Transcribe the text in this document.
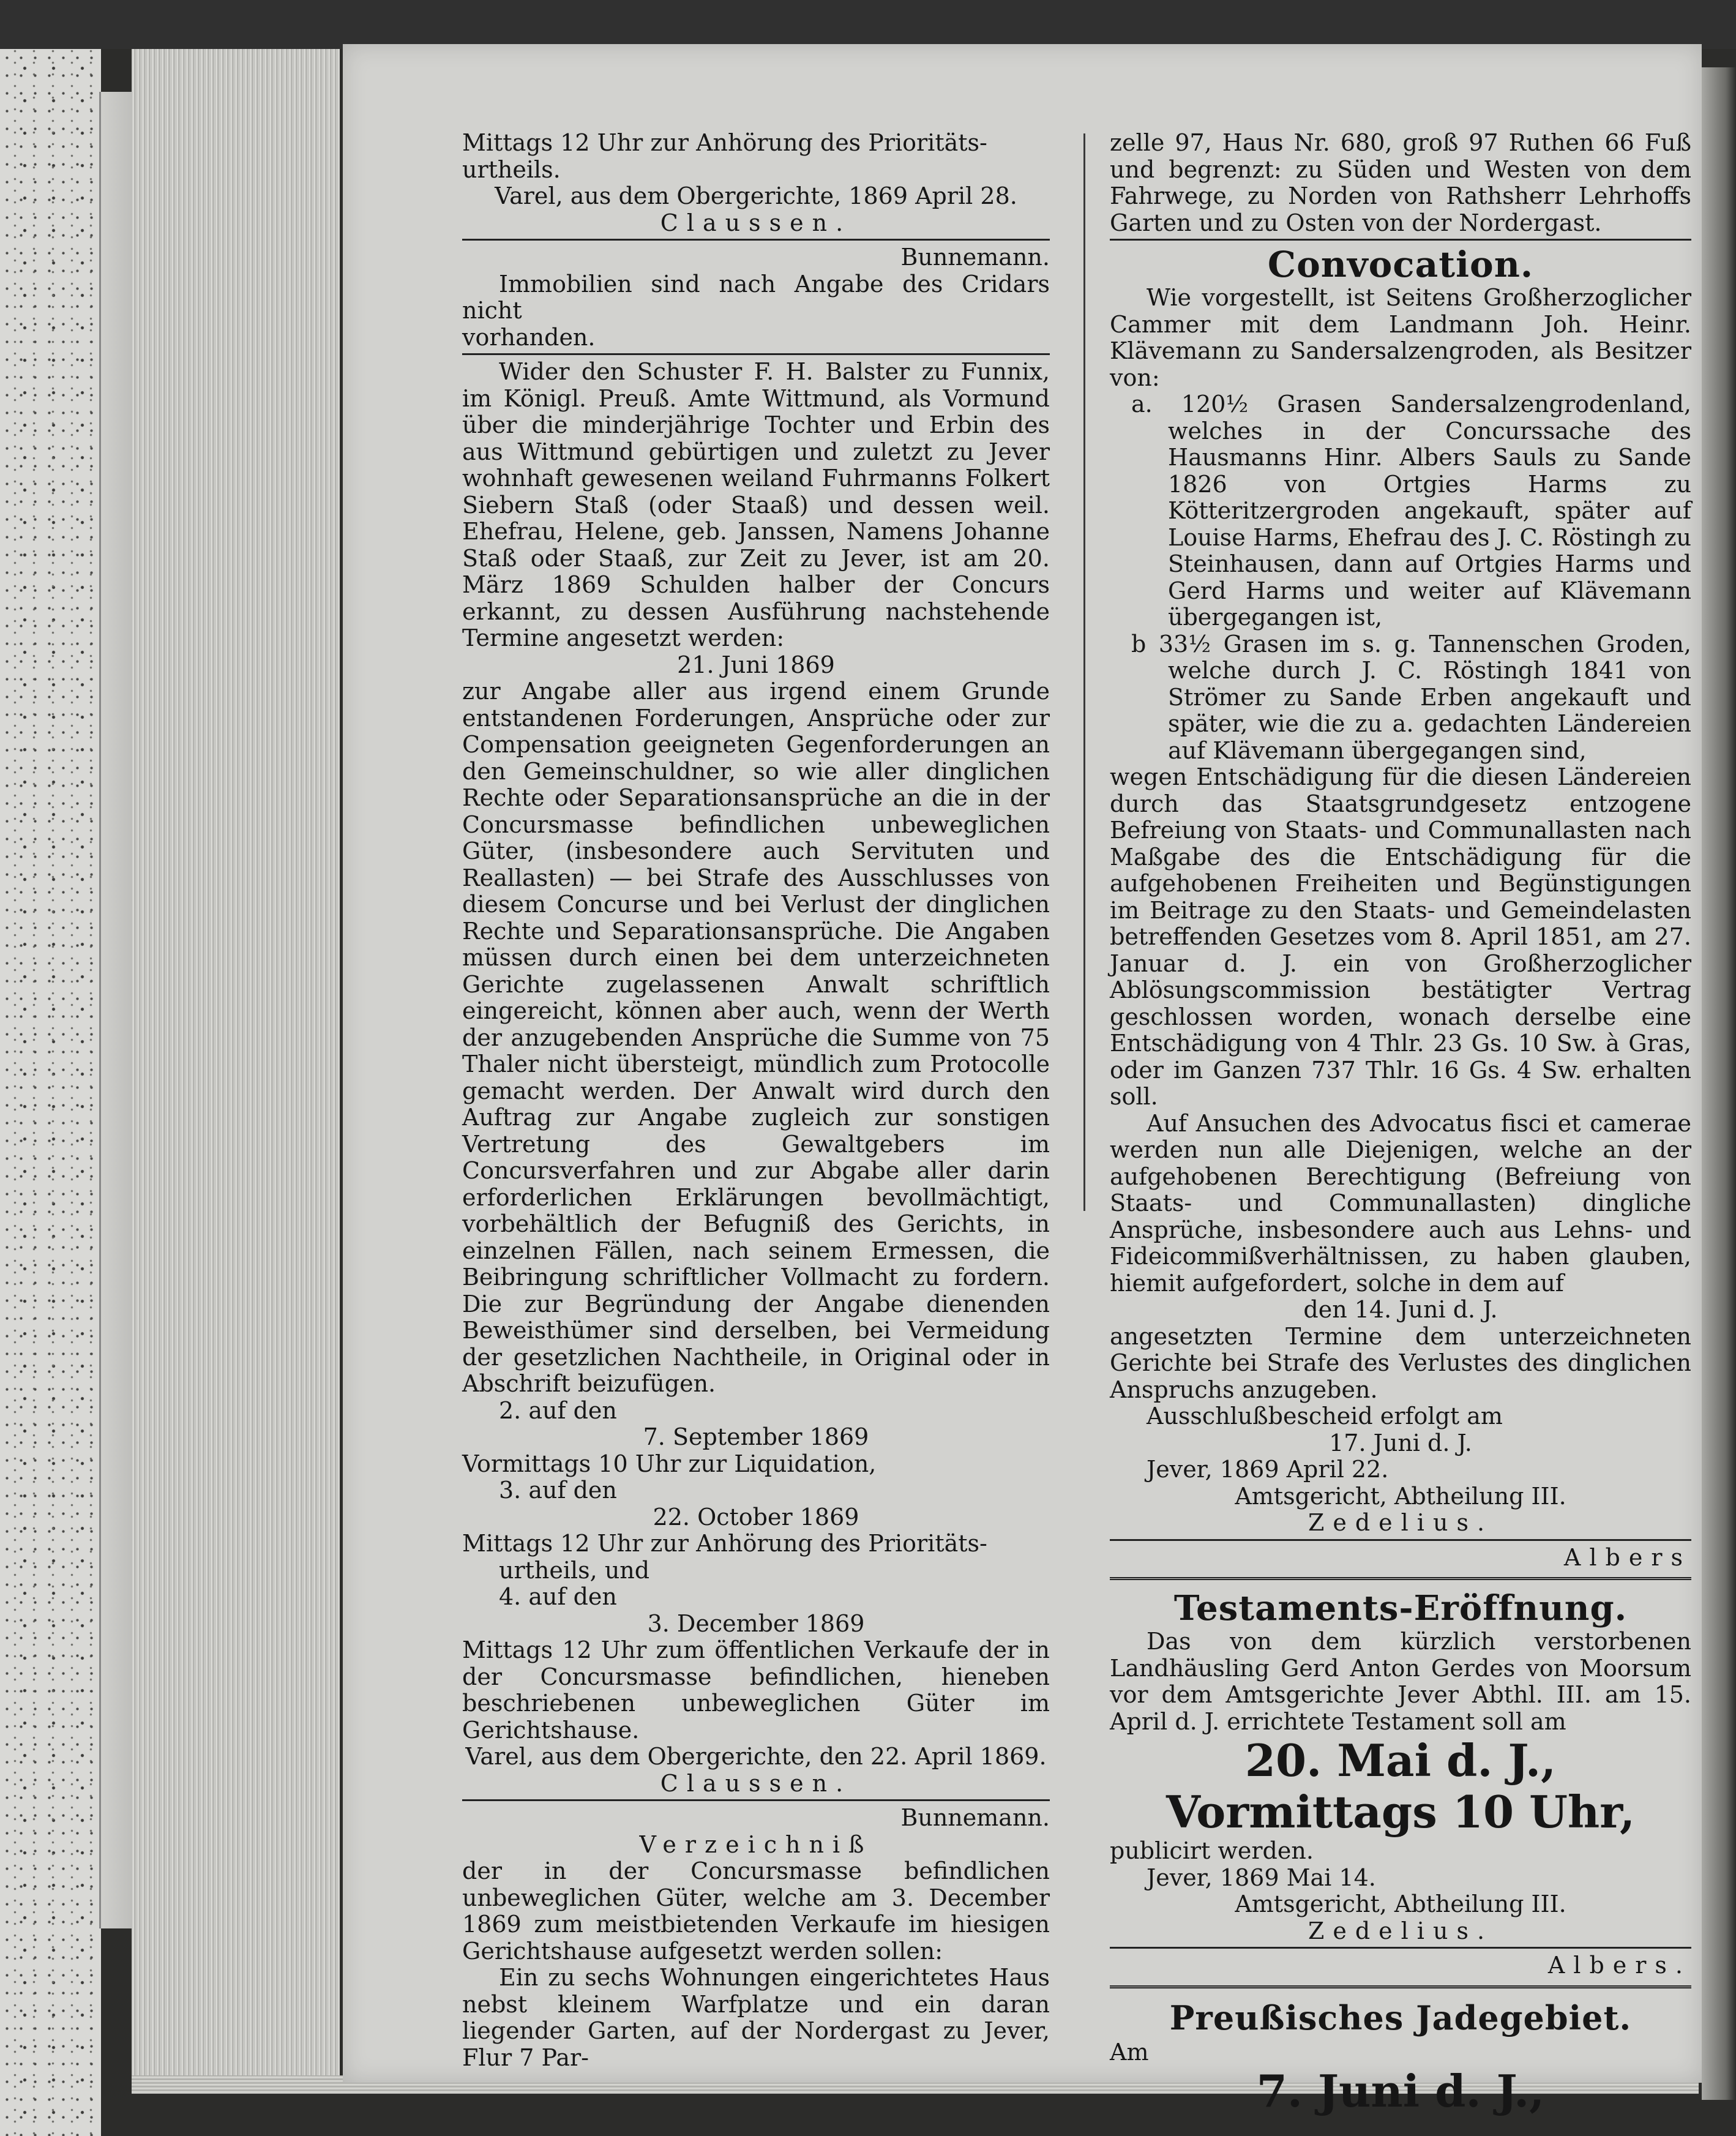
Mittags 12 Uhr zur Anhörung des Prioritäts-

urtheils.

Varel, aus dem Obergerichte, 1869 April 28.

Claussen.

Bunnemann.

Immobilien sind nach Angabe des Cridars nicht

vorhanden.

Wider den Schuster F. H. Balster zu Funnix, im Königl. Preuß. Amte Wittmund, als Vormund über die minderjährige Tochter und Erbin des aus Wittmund gebürtigen und zuletzt zu Jever wohnhaft gewesenen weiland Fuhrmanns Folkert Siebern Staß (oder Staaß) und dessen weil. Ehefrau, Helene, geb. Janssen, Namens Johanne Staß oder Staaß, zur Zeit zu Jever, ist am 20. März 1869 Schulden halber der Concurs erkannt, zu dessen Ausführung nachstehende Termine angesetzt werden:

21. Juni 1869

zur Angabe aller aus irgend einem Grunde entstandenen Forderungen, Ansprüche oder zur Compensation geeigneten Gegenforderungen an den Gemeinschuldner, so wie aller dinglichen Rechte oder Separationsansprüche an die in der Concursmasse befindlichen unbeweglichen Güter, (insbesondere auch Servituten und Reallasten) — bei Strafe des Ausschlusses von diesem Concurse und bei Verlust der dinglichen Rechte und Separationsansprüche. Die Angaben müssen durch einen bei dem unterzeichneten Gerichte zugelassenen Anwalt schriftlich eingereicht, können aber auch, wenn der Werth der anzugebenden Ansprüche die Summe von 75 Thaler nicht übersteigt, mündlich zum Protocolle gemacht werden. Der Anwalt wird durch den Auftrag zur Angabe zugleich zur sonstigen Vertretung des Gewaltgebers im Concursverfahren und zur Abgabe aller darin erforderlichen Erklärungen bevollmächtigt, vorbehältlich der Befugniß des Gerichts, in einzelnen Fällen, nach seinem Ermessen, die Beibringung schriftlicher Vollmacht zu fordern. Die zur Begründung der Angabe dienenden Beweisthümer sind derselben, bei Vermeidung der gesetzlichen Nachtheile, in Original oder in Abschrift beizufügen.

2. auf den

7. September 1869

Vormittags 10 Uhr zur Liquidation,

3. auf den

22. October 1869

Mittags 12 Uhr zur Anhörung des Prioritäts-

urtheils, und

4. auf den

3. December 1869

Mittags 12 Uhr zum öffentlichen Verkaufe der in der Concursmasse befindlichen, hieneben beschriebenen unbeweglichen Güter im Gerichtshause.

Varel, aus dem Obergerichte, den 22. April 1869.

Claussen.

Bunnemann.

Verzeichniß

der in der Concursmasse befindlichen unbeweglichen Güter, welche am 3. December 1869 zum meistbietenden Verkaufe im hiesigen Gerichtshause aufgesetzt werden sollen:

Ein zu sechs Wohnungen eingerichtetes Haus nebst kleinem Warfplatze und ein daran liegender Garten, auf der Nordergast zu Jever, Flur 7 Par-

zelle 97, Haus Nr. 680, groß 97 Ruthen 66 Fuß und begrenzt: zu Süden und Westen von dem Fahrwege, zu Norden von Rathsherr Lehrhoffs Garten und zu Osten von der Nordergast.

Convocation.

Wie vorgestellt, ist Seitens Großherzoglicher Cammer mit dem Landmann Joh. Heinr. Klävemann zu Sandersalzengroden, als Besitzer von:

a. 120½ Grasen Sandersalzengrodenland, welches in der Concurssache des Hausmanns Hinr. Albers Sauls zu Sande 1826 von Ortgies Harms zu Kötteritzergroden angekauft, später auf Louise Harms, Ehefrau des J. C. Röstingh zu Steinhausen, dann auf Ortgies Harms und Gerd Harms und weiter auf Klävemann übergegangen ist,

b 33½ Grasen im s. g. Tannenschen Groden, welche durch J. C. Röstingh 1841 von Strömer zu Sande Erben angekauft und später, wie die zu a. gedachten Ländereien auf Klävemann übergegangen sind,

wegen Entschädigung für die diesen Ländereien durch das Staatsgrundgesetz entzogene Befreiung von Staats- und Communallasten nach Maßgabe des die Entschädigung für die aufgehobenen Freiheiten und Begünstigungen im Beitrage zu den Staats- und Gemeindelasten betreffenden Gesetzes vom 8. April 1851, am 27. Januar d. J. ein von Großherzoglicher Ablösungscommission bestätigter Vertrag geschlossen worden, wonach derselbe eine Entschädigung von 4 Thlr. 23 Gs. 10 Sw. à Gras, oder im Ganzen 737 Thlr. 16 Gs. 4 Sw. erhalten soll.

Auf Ansuchen des Advocatus fisci et camerae werden nun alle Diejenigen, welche an der aufgehobenen Berechtigung (Befreiung von Staats- und Communallasten) dingliche Ansprüche, insbesondere auch aus Lehns- und Fideicommißverhältnissen, zu haben glauben, hiemit aufgefordert, solche in dem auf

den 14. Juni d. J.

angesetzten Termine dem unterzeichneten Gerichte bei Strafe des Verlustes des dinglichen Anspruchs anzugeben.

Ausschlußbescheid erfolgt am

17. Juni d. J.

Jever, 1869 April 22.

Amtsgericht, Abtheilung III.

Zedelius.

Albers

Testaments-Eröffnung.

Das von dem kürzlich verstorbenen Landhäusling Gerd Anton Gerdes von Moorsum vor dem Amtsgerichte Jever Abthl. III. am 15. April d. J. errichtete Testament soll am

20. Mai d. J.,

Vormittags 10 Uhr,

publicirt werden.

Jever, 1869 Mai 14.

Amtsgericht, Abtheilung III.

Zedelius.

Albers.

Preußisches Jadegebiet.

Am

7. Juni d. J.,
